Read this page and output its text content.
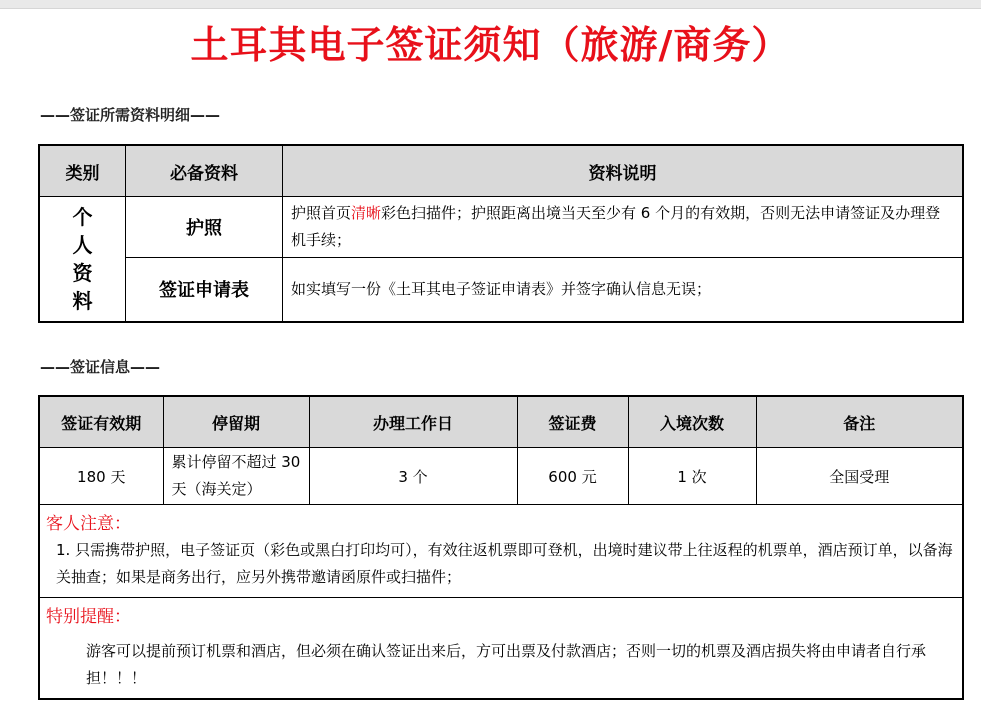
土耳其电子签证须知（旅游/商务）
——签证所需资料明细——
类别	必备资料	资料说明

个
人
资
料	护照	护照首页清晰彩色扫描件；护照距离出境当天至少有 6 个月的有效期，否则无法申请签证及办理登机手续；
	签证申请表	如实填写一份《土耳其电子签证申请表》并签字确认信息无误；
——签证信息——
签证有效期	停留期	办理工作日	签证费	入境次数	备注
180 天	累计停留不超过 30 天（海关定）	3 个	600 元	1 次	全国受理

客人注意：
1. 只需携带护照，电子签证页（彩色或黑白打印均可），有效往返机票即可登机，出境时建议带上往返程的机票单，酒店预订单，以备海关抽查；如果是商务出行，应另外携带邀请函原件或扫描件；					

特别提醒：
游客可以提前预订机票和酒店，但必须在确认签证出来后，方可出票及付款酒店；否则一切的机票及酒店损失将由申请者自行承担！！！					
